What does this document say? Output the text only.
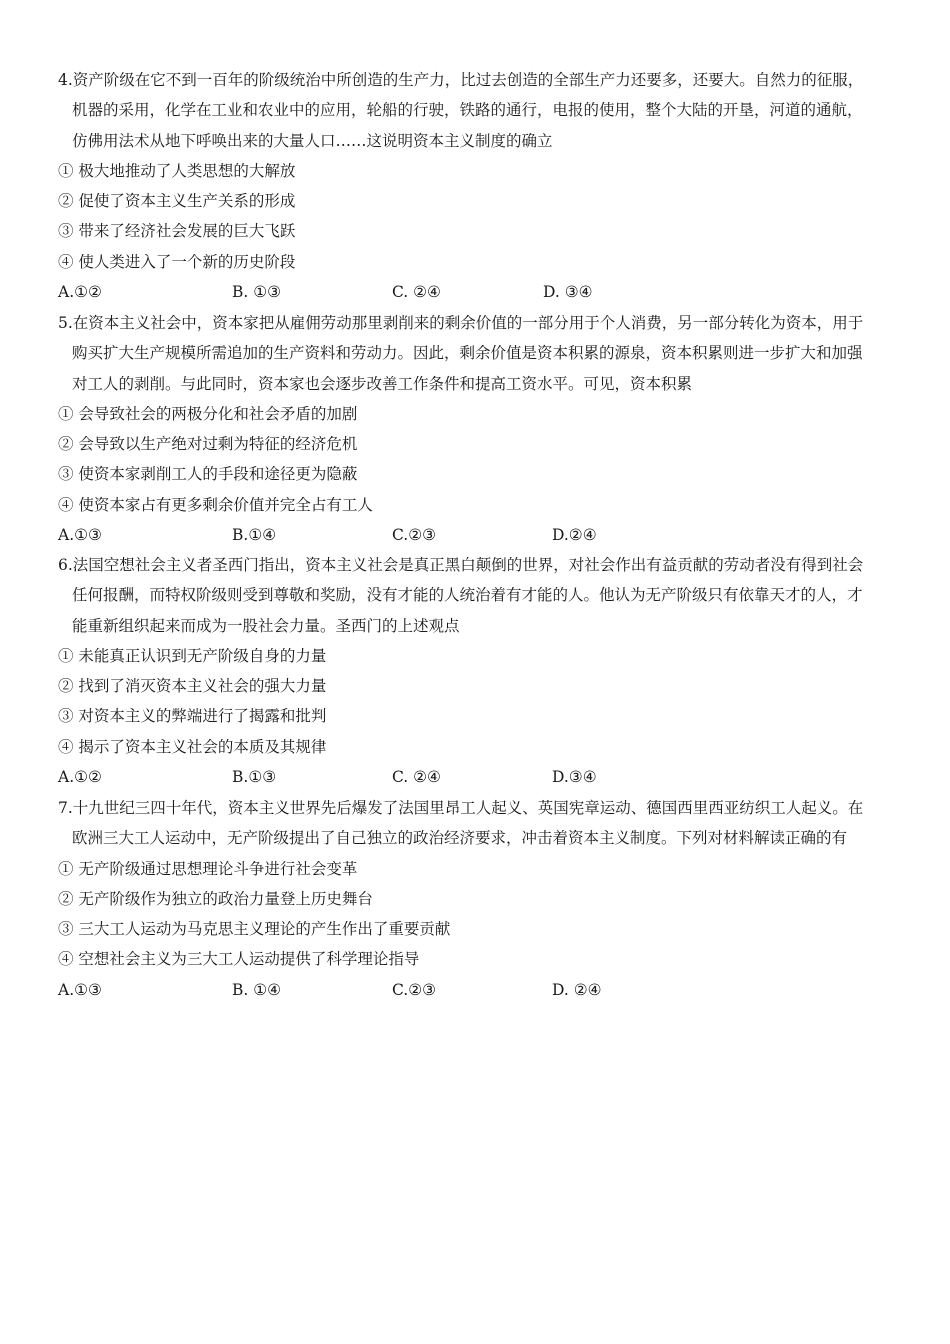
4.资产阶级在它不到一百年的阶级统治中所创造的生产力，比过去创造的全部生产力还要多，还要大。自然力的征服，
机器的采用，化学在工业和农业中的应用，轮船的行驶，铁路的通行，电报的使用，整个大陆的开垦，河道的通航，
仿佛用法术从地下呼唤出来的大量人口……这说明资本主义制度的确立
① 极大地推动了人类思想的大解放
② 促使了资本主义生产关系的形成
③ 带来了经济社会发展的巨大飞跃
④ 使人类进入了一个新的历史阶段
A.①②	B. ①③	C. ②④	D. ③④
5.在资本主义社会中，资本家把从雇佣劳动那里剥削来的剩余价值的一部分用于个人消费，另一部分转化为资本，用于
购买扩大生产规模所需追加的生产资料和劳动力。因此，剩余价值是资本积累的源泉，资本积累则进一步扩大和加强
对工人的剥削。与此同时，资本家也会逐步改善工作条件和提高工资水平。可见，资本积累
① 会导致社会的两极分化和社会矛盾的加剧
② 会导致以生产绝对过剩为特征的经济危机
③ 使资本家剥削工人的手段和途径更为隐蔽
④ 使资本家占有更多剩余价值并完全占有工人
A.①③	B.①④	C.②③	D.②④
6.法国空想社会主义者圣西门指出，资本主义社会是真正黑白颠倒的世界，对社会作出有益贡献的劳动者没有得到社会
任何报酬，而特权阶级则受到尊敬和奖励，没有才能的人统治着有才能的人。他认为无产阶级只有依靠天才的人，才
能重新组织起来而成为一股社会力量。圣西门的上述观点
① 未能真正认识到无产阶级自身的力量
② 找到了消灭资本主义社会的强大力量
③ 对资本主义的弊端进行了揭露和批判
④ 揭示了资本主义社会的本质及其规律
A.①②	B.①③	C. ②④	D.③④
7.十九世纪三四十年代，资本主义世界先后爆发了法国里昂工人起义、英国宪章运动、德国西里西亚纺织工人起义。在
欧洲三大工人运动中，无产阶级提出了自己独立的政治经济要求，冲击着资本主义制度。下列对材料解读正确的有
① 无产阶级通过思想理论斗争进行社会变革
② 无产阶级作为独立的政治力量登上历史舞台
③ 三大工人运动为马克思主义理论的产生作出了重要贡献
④ 空想社会主义为三大工人运动提供了科学理论指导
A.①③	B. ①④	C.②③	D. ②④
